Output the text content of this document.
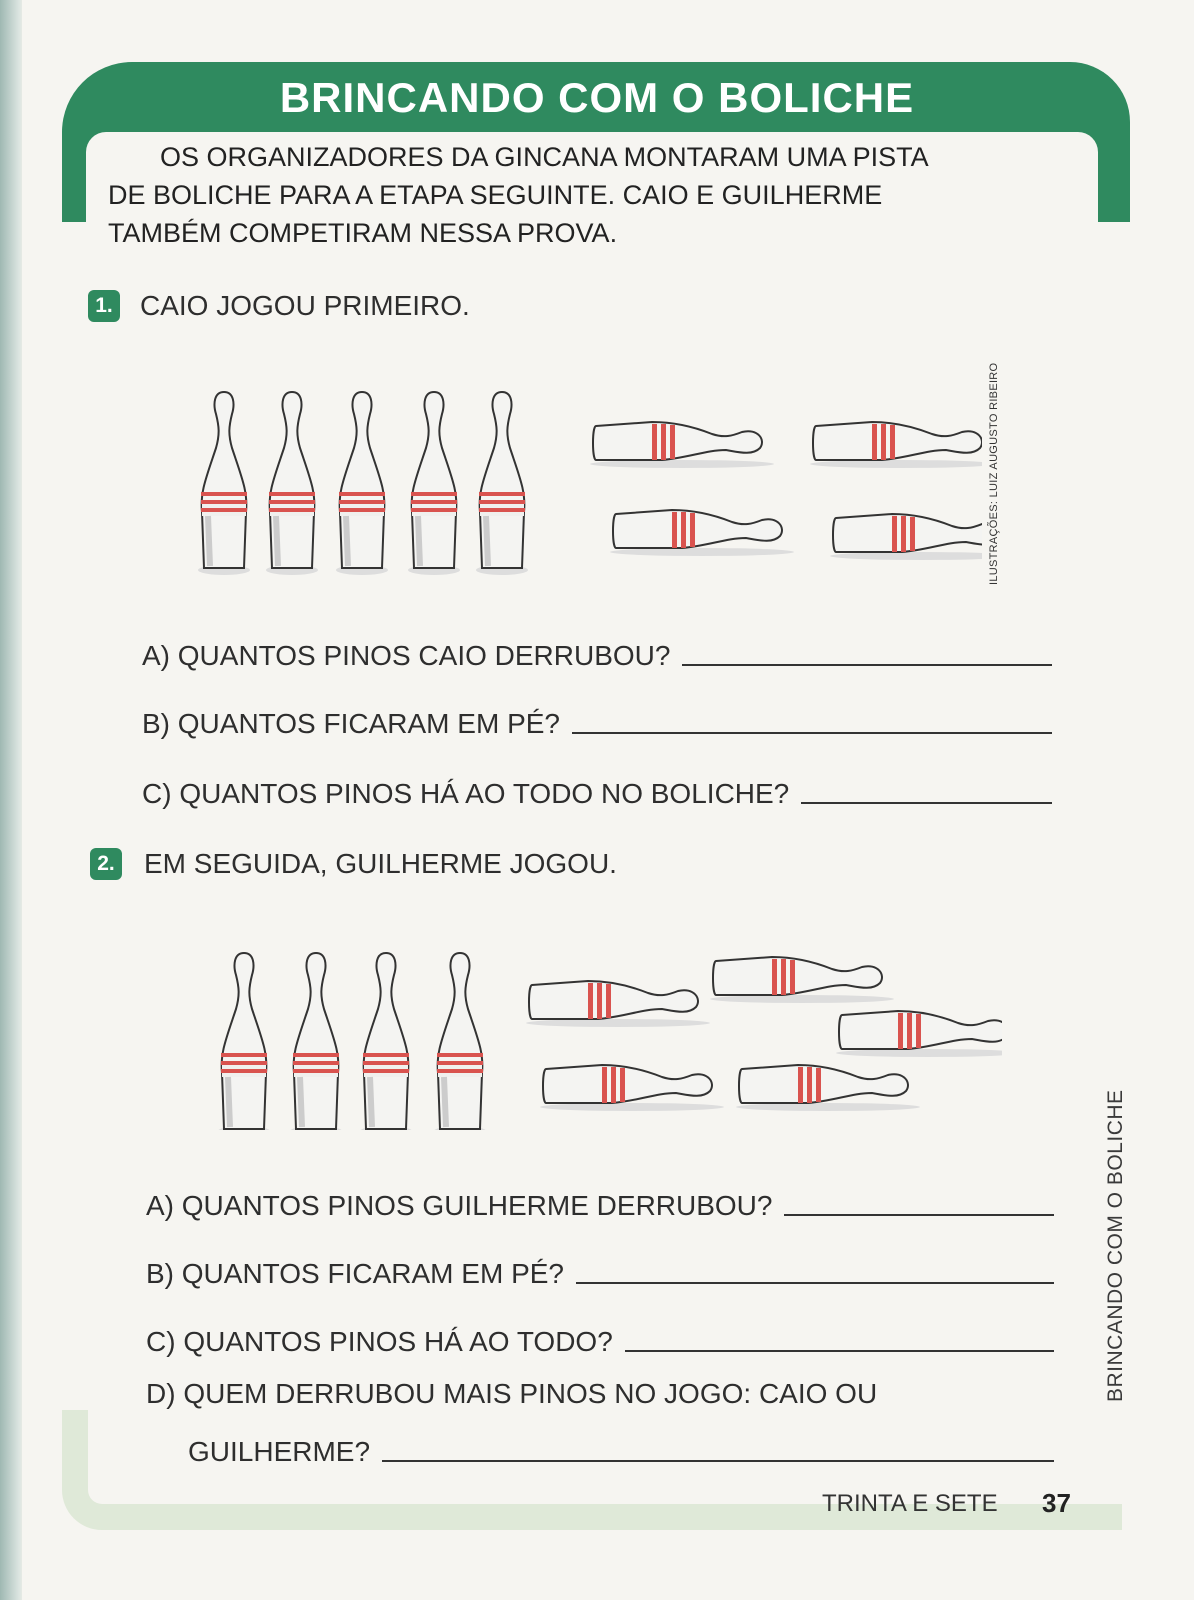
BRINCANDO COM O BOLICHE

OS ORGANIZADORES DA GINCANA MONTARAM UMA PISTA

DE BOLICHE PARA A ETAPA SEGUINTE. CAIO E GUILHERME

TAMBÉM COMPETIRAM NESSA PROVA.

1. CAIO JOGOU PRIMEIRO.
ILUSTRAÇÕES: LUIZ AUGUSTO RIBEIRO
A) QUANTOS PINOS CAIO DERRUBOU?
B) QUANTOS FICARAM EM PÉ?
C) QUANTOS PINOS HÁ AO TODO NO BOLICHE?
2. EM SEGUIDA, GUILHERME JOGOU.
A) QUANTOS PINOS GUILHERME DERRUBOU?
B) QUANTOS FICARAM EM PÉ?
C) QUANTOS PINOS HÁ AO TODO?
D) QUEM DERRUBOU MAIS PINOS NO JOGO: CAIO OU
GUILHERME?
BRINCANDO COM O BOLICHE
TRINTA E SETE 37
